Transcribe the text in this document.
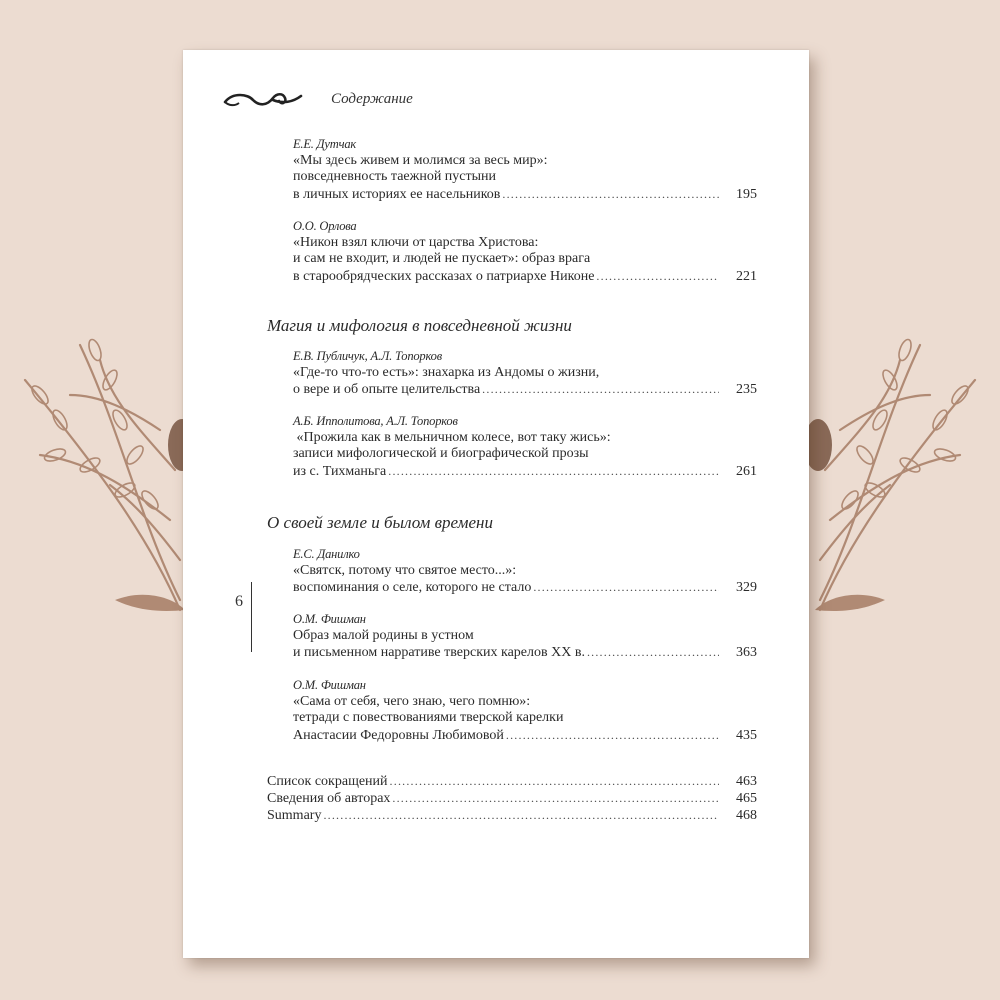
Содержание
6
Е.Е. Дутчак
«Мы здесь живем и молимся за весь мир»:
повседневность таежной пустыни
в личных историях ее насельников .....	195
О.О. Орлова
«Никон взял ключи от царства Христова:
и сам не входит, и людей не пускает»: образ врага
в старообрядческих рассказах о патриархе Никоне .....	221
Магия и мифология в повседневной жизни
Е.В. Публичук, А.Л. Топорков
«Где-то что-то есть»: знахарка из Андомы о жизни,
о вере и об опыте целительства .....	235
А.Б. Ипполитова, А.Л. Топорков
«Прожила как в мельничном колесе, вот таку жись»:
записи мифологической и биографической прозы
из с. Тихманьга .....	261
О своей земле и былом времени
Е.С. Данилко
«Святск, потому что святое место...»:
воспоминания о селе, которого не стало .....	329
О.М. Фишман
Образ малой родины в устном
и письменном нарративе тверских карелов XX в. .....	363
О.М. Фишман
«Сама от себя, чего знаю, чего помню»:
тетради с повествованиями тверской карелки
Анастасии Федоровны Любимовой .....	435
Список сокращений .....	463
Сведения об авторах .....	465
Summary .....	468
